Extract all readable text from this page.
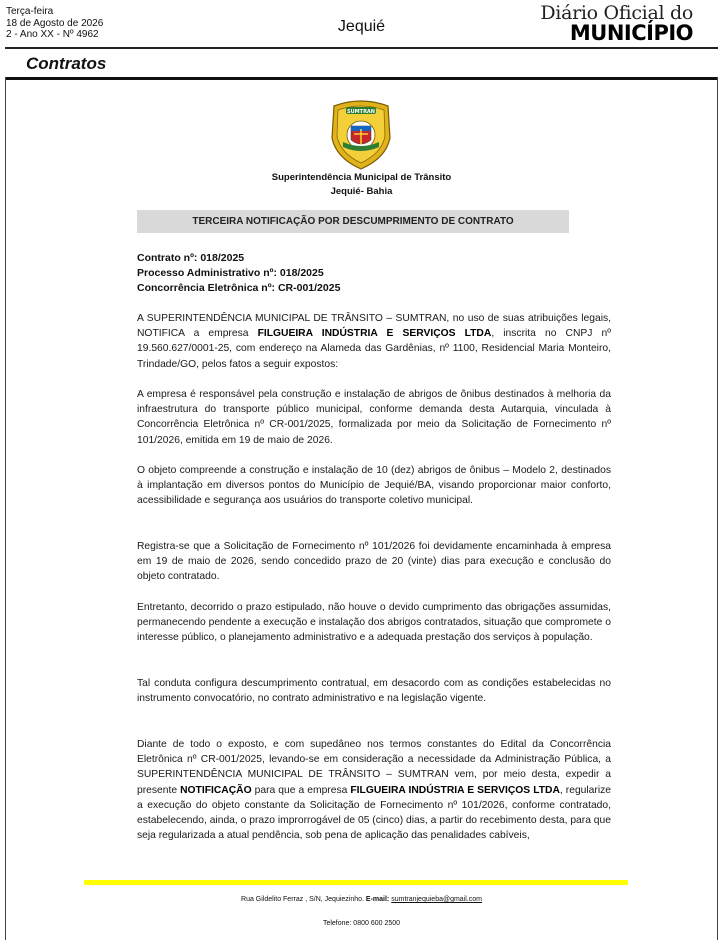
Terça-feira
18 de Agosto de 2026
2 - Ano XX - Nº 4962	Jequié
Diário Oficial do
MUNICÍPIO
Contratos
SUMTRAN
Superintendência Municipal de Trânsito
Jequié- Bahia
TERCEIRA NOTIFICAÇÃO POR DESCUMPRIMENTO DE CONTRATO
Contrato nº: 018/2025
Processo Administrativo nº: 018/2025
Concorrência Eletrônica nº: CR-001/2025
A SUPERINTENDÊNCIA MUNICIPAL DE TRÂNSITO – SUMTRAN, no uso de suas atribuições legais, NOTIFICA a empresa FILGUEIRA INDÚSTRIA E SERVIÇOS LTDA, inscrita no CNPJ nº 19.560.627/0001-25, com endereço na Alameda das Gardênias, nº 1100, Residencial Maria Monteiro, Trindade/GO, pelos fatos a seguir expostos:
A empresa é responsável pela construção e instalação de abrigos de ônibus destinados à melhoria da infraestrutura do transporte público municipal, conforme demanda desta Autarquia, vinculada à Concorrência Eletrônica nº CR-001/2025, formalizada por meio da Solicitação de Fornecimento nº 101/2026, emitida em 19 de maio de 2026.
O objeto compreende a construção e instalação de 10 (dez) abrigos de ônibus – Modelo 2, destinados à implantação em diversos pontos do Município de Jequié/BA, visando proporcionar maior conforto, acessibilidade e segurança aos usuários do transporte coletivo municipal.
Registra-se que a Solicitação de Fornecimento nº 101/2026 foi devidamente encaminhada à empresa em 19 de maio de 2026, sendo concedido prazo de 20 (vinte) dias para execução e conclusão do objeto contratado.
Entretanto, decorrido o prazo estipulado, não houve o devido cumprimento das obrigações assumidas, permanecendo pendente a execução e instalação dos abrigos contratados, situação que compromete o interesse público, o planejamento administrativo e a adequada prestação dos serviços à população.
Tal conduta configura descumprimento contratual, em desacordo com as condições estabelecidas no instrumento convocatório, no contrato administrativo e na legislação vigente.
Diante de todo o exposto, e com supedâneo nos termos constantes do Edital da Concorrência Eletrônica nº CR-001/2025, levando-se em consideração a necessidade da Administração Pública, a SUPERINTENDÊNCIA MUNICIPAL DE TRÂNSITO – SUMTRAN vem, por meio desta, expedir a presente NOTIFICAÇÃO para que a empresa FILGUEIRA INDÚSTRIA E SERVIÇOS LTDA, regularize a execução do objeto constante da Solicitação de Fornecimento nº 101/2026, conforme contratado, estabelecendo, ainda, o prazo improrrogável de 05 (cinco) dias, a partir do recebimento desta, para que seja regularizada a atual pendência, sob pena de aplicação das penalidades cabíveis,
Rua Gildelito Ferraz , S/N, Jequiezinho. E-mail: sumtranjequieba@gmail.com
Telefone: 0800 600 2500
